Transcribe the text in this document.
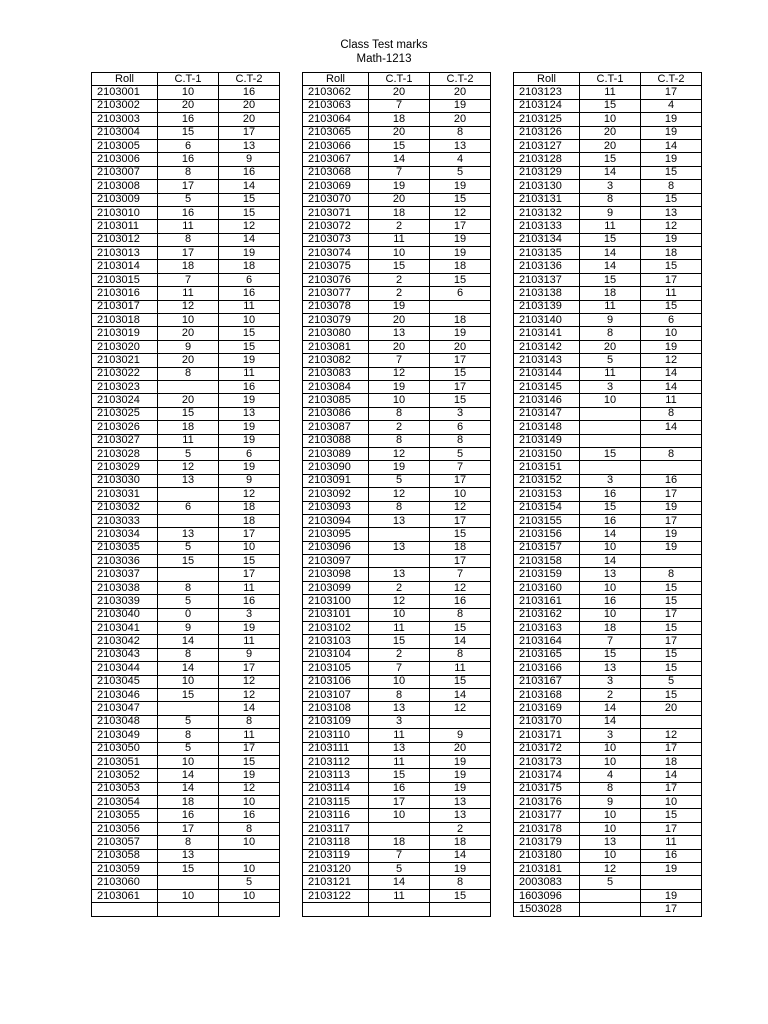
Class Test marks
Math-1213
Roll	C.T-1	C.T-2
2103001	10	16
2103002	20	20
2103003	16	20
2103004	15	17
2103005	6	13
2103006	16	9
2103007	8	16
2103008	17	14
2103009	5	15
2103010	16	15
2103011	11	12
2103012	8	14
2103013	17	19
2103014	18	18
2103015	7	6
2103016	11	16
2103017	12	11
2103018	10	10
2103019	20	15
2103020	9	15
2103021	20	19
2103022	8	11
2103023		16
2103024	20	19
2103025	15	13
2103026	18	19
2103027	11	19
2103028	5	6
2103029	12	19
2103030	13	9
2103031		12
2103032	6	18
2103033		18
2103034	13	17
2103035	5	10
2103036	15	15
2103037		17
2103038	8	11
2103039	5	16
2103040	0	3
2103041	9	19
2103042	14	11
2103043	8	9
2103044	14	17
2103045	10	12
2103046	15	12
2103047		14
2103048	5	8
2103049	8	11
2103050	5	17
2103051	10	15
2103052	14	19
2103053	14	12
2103054	18	10
2103055	16	16
2103056	17	8
2103057	8	10
2103058	13	
2103059	15	10
2103060		5
2103061	10	10

Roll	C.T-1	C.T-2
2103062	20	20
2103063	7	19
2103064	18	20
2103065	20	8
2103066	15	13
2103067	14	4
2103068	7	5
2103069	19	19
2103070	20	15
2103071	18	12
2103072	2	17
2103073	11	19
2103074	10	19
2103075	15	18
2103076	2	15
2103077	2	6
2103078	19	
2103079	20	18
2103080	13	19
2103081	20	20
2103082	7	17
2103083	12	15
2103084	19	17
2103085	10	15
2103086	8	3
2103087	2	6
2103088	8	8
2103089	12	5
2103090	19	7
2103091	5	17
2103092	12	10
2103093	8	12
2103094	13	17
2103095		15
2103096	13	18
2103097		17
2103098	13	7
2103099	2	12
2103100	12	16
2103101	10	8
2103102	11	15
2103103	15	14
2103104	2	8
2103105	7	11
2103106	10	15
2103107	8	14
2103108	13	12
2103109	3	
2103110	11	9
2103111	13	20
2103112	11	19
2103113	15	19
2103114	16	19
2103115	17	13
2103116	10	13
2103117		2
2103118	18	18
2103119	7	14
2103120	5	19
2103121	14	8
2103122	11	15

Roll	C.T-1	C.T-2
2103123	11	17
2103124	15	4
2103125	10	19
2103126	20	19
2103127	20	14
2103128	15	19
2103129	14	15
2103130	3	8
2103131	8	15
2103132	9	13
2103133	11	12
2103134	15	19
2103135	14	18
2103136	14	15
2103137	15	17
2103138	18	11
2103139	11	15
2103140	9	6
2103141	8	10
2103142	20	19
2103143	5	12
2103144	11	14
2103145	3	14
2103146	10	11
2103147		8
2103148		14
2103149		
2103150	15	8
2103151		
2103152	3	16
2103153	16	17
2103154	15	19
2103155	16	17
2103156	14	19
2103157	10	19
2103158	14	
2103159	13	8
2103160	10	15
2103161	16	15
2103162	10	17
2103163	18	15
2103164	7	17
2103165	15	15
2103166	13	15
2103167	3	5
2103168	2	15
2103169	14	20
2103170	14	
2103171	3	12
2103172	10	17
2103173	10	18
2103174	4	14
2103175	8	17
2103176	9	10
2103177	10	15
2103178	10	17
2103179	13	11
2103180	10	16
2103181	12	19
2003083	5	
1603096		19
1503028		17
